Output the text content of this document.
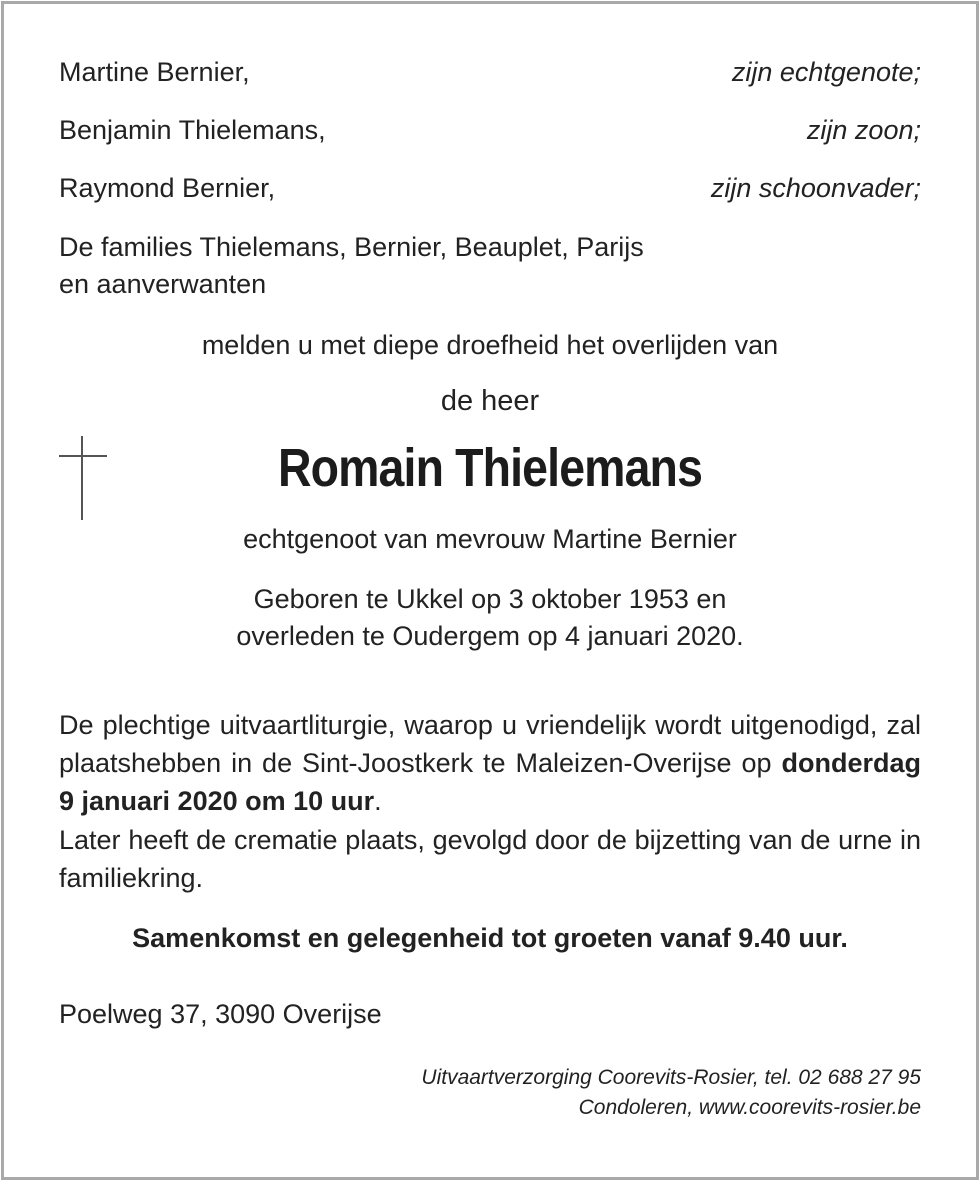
Martine Bernier,	zijn echtgenote;
Benjamin Thielemans,	zijn zoon;
Raymond Bernier,	zijn schoonvader;
De families Thielemans, Bernier, Beauplet, Parijs
en aanverwanten
melden u met diepe droefheid het overlijden van
de heer
Romain Thielemans
echtgenoot van mevrouw Martine Bernier
Geboren te Ukkel op 3 oktober 1953 en
overleden te Oudergem op 4 januari 2020.
De plechtige uitvaartliturgie, waarop u vriendelijk wordt uitgenodigd, zal plaatshebben in de Sint-Joostkerk te Maleizen-Overijse op donderdag 9 januari 2020 om 10 uur.
Later heeft de crematie plaats, gevolgd door de bijzetting van de urne in familiekring.
Samenkomst en gelegenheid tot groeten vanaf 9.40 uur.
Poelweg 37, 3090 Overijse
Uitvaartverzorging Coorevits-Rosier, tel. 02 688 27 95
Condoleren, www.coorevits-rosier.be
